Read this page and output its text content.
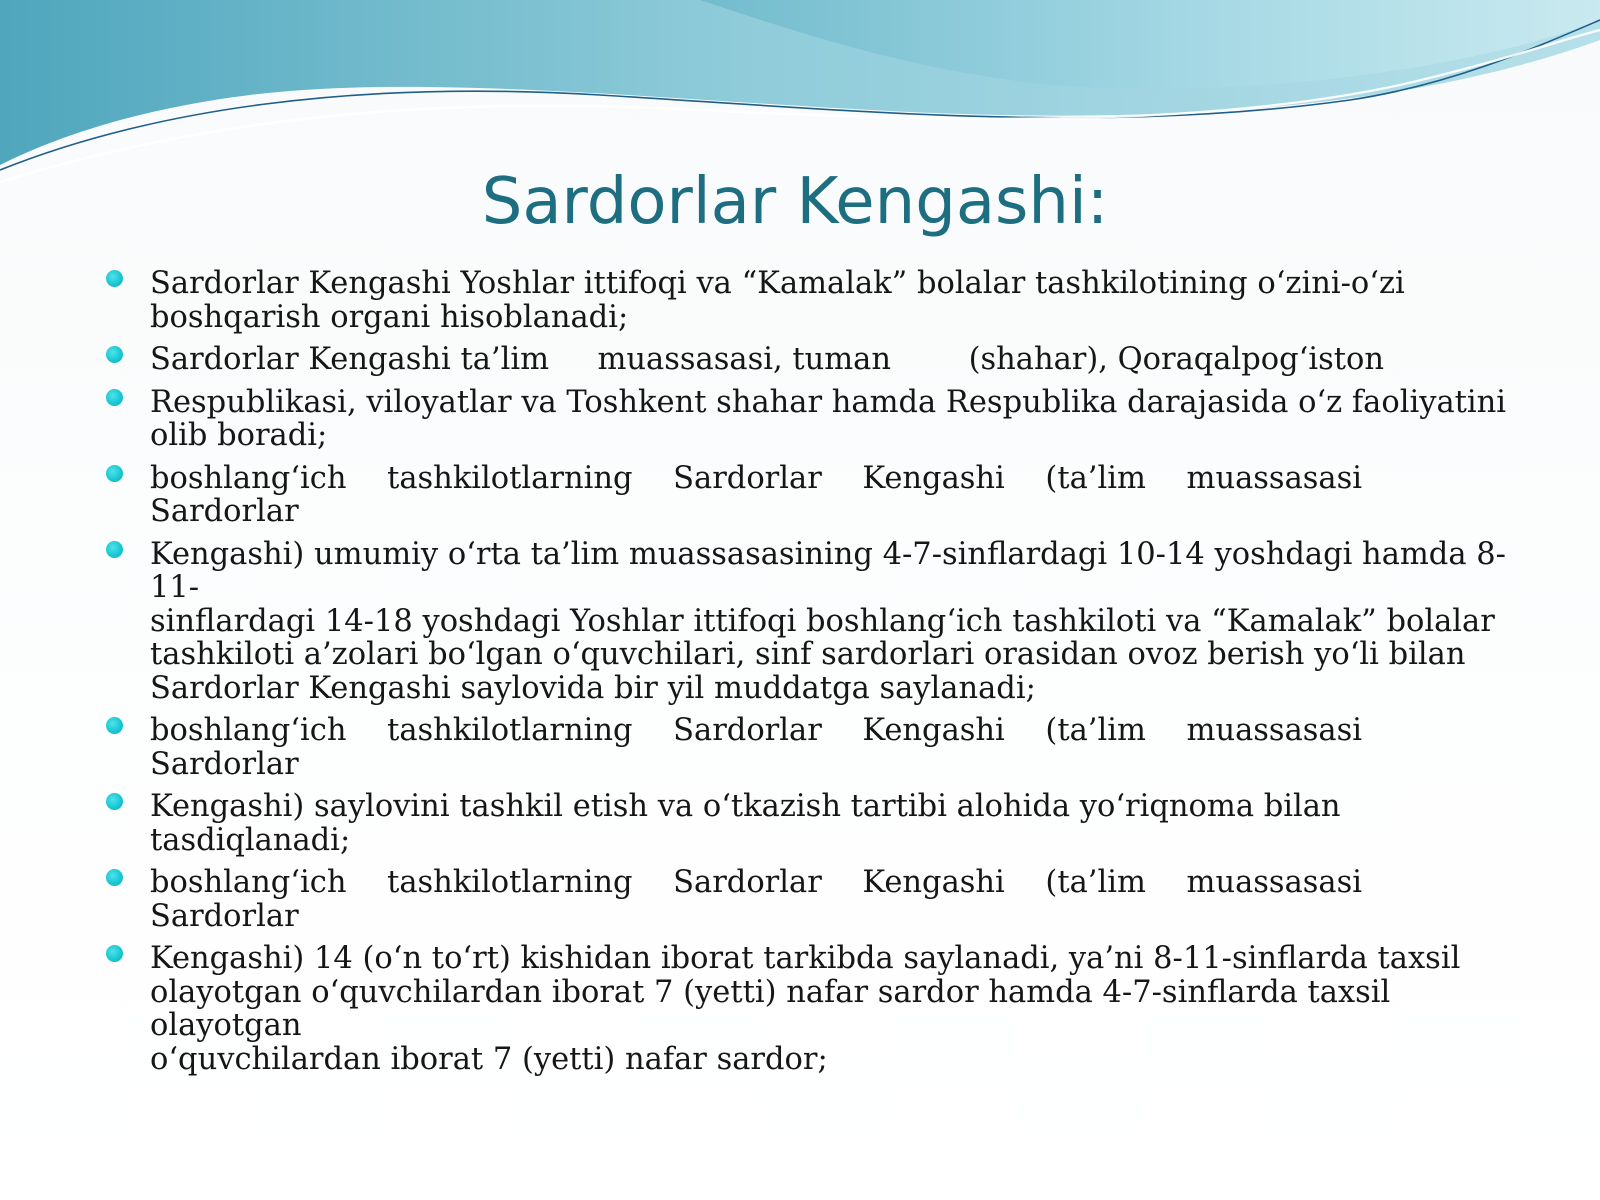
Sardorlar Kengashi:
Sardorlar Kengashi Yoshlar ittifoqi va “Kamalak” bolalar tashkilotining o‘zini-o‘zi
boshqarish organi hisoblanadi;
Sardorlar Kengashi ta’lim     muassasasi, tuman        (shahar), Qoraqalpog‘iston
Respublikasi, viloyatlar va Toshkent shahar hamda Respublika darajasida o‘z faoliyatini
olib boradi;
boshlang‘ich tashkilotlarning Sardorlar Kengashi (ta’lim muassasasi
Sardorlar
Kengashi) umumiy o‘rta ta’lim muassasasining 4-7-sinflardagi 10-14 yoshdagi hamda 8-11-
sinflardagi 14-18 yoshdagi Yoshlar ittifoqi boshlang‘ich tashkiloti va “Kamalak” bolalar
tashkiloti a’zolari bo‘lgan o‘quvchilari, sinf sardorlari orasidan ovoz berish yo‘li bilan
Sardorlar Kengashi saylovida bir yil muddatga saylanadi;
boshlang‘ich tashkilotlarning Sardorlar Kengashi (ta’lim muassasasi
Sardorlar
Kengashi) saylovini tashkil etish va o‘tkazish tartibi alohida yo‘riqnoma bilan tasdiqlanadi;
boshlang‘ich tashkilotlarning Sardorlar Kengashi (ta’lim muassasasi
Sardorlar
Kengashi) 14 (o‘n to‘rt) kishidan iborat tarkibda saylanadi, ya’ni 8-11-sinflarda taxsil
olayotgan o‘quvchilardan iborat 7 (yetti) nafar sardor hamda 4-7-sinflarda taxsil olayotgan
o‘quvchilardan iborat 7 (yetti) nafar sardor;
